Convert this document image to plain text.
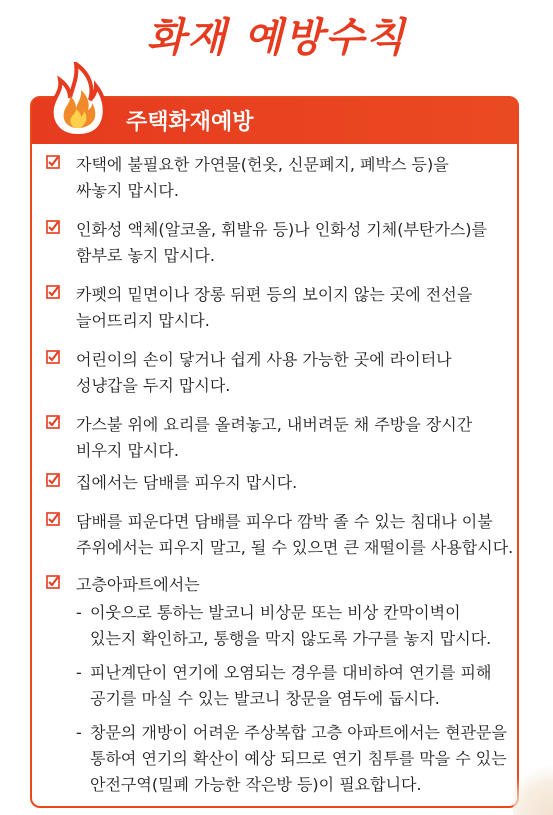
화재 예방수칙
주택화재예방
자택에 불필요한 가연물(헌옷, 신문폐지, 폐박스 등)을
싸놓지 맙시다.
인화성 액체(알코올, 휘발유 등)나 인화성 기체(부탄가스)를
함부로 놓지 맙시다.
카펫의 밑면이나 장롱 뒤편 등의 보이지 않는 곳에 전선을
늘어뜨리지 맙시다.
어린이의 손이 닿거나 쉽게 사용 가능한 곳에 라이터나
성냥갑을 두지 맙시다.
가스불 위에 요리를 올려놓고, 내버려둔 채 주방을 장시간
비우지 맙시다.
집에서는 담배를 피우지 맙시다.
담배를 피운다면 담배를 피우다 깜박 졸 수 있는 침대나 이불
주위에서는 피우지 말고, 될 수 있으면 큰 재떨이를 사용합시다.
고층아파트에서는
- 이웃으로 통하는 발코니 비상문 또는 비상 칸막이벽이
있는지 확인하고, 통행을 막지 않도록 가구를 놓지 맙시다.
- 피난계단이 연기에 오염되는 경우를 대비하여 연기를 피해
공기를 마실 수 있는 발코니 창문을 염두에 둡시다.
- 창문의 개방이 어려운 주상복합 고층 아파트에서는 현관문을
통하여 연기의 확산이 예상 되므로 연기 침투를 막을 수 있는
안전구역(밀폐 가능한 작은방 등)이 필요합니다.
